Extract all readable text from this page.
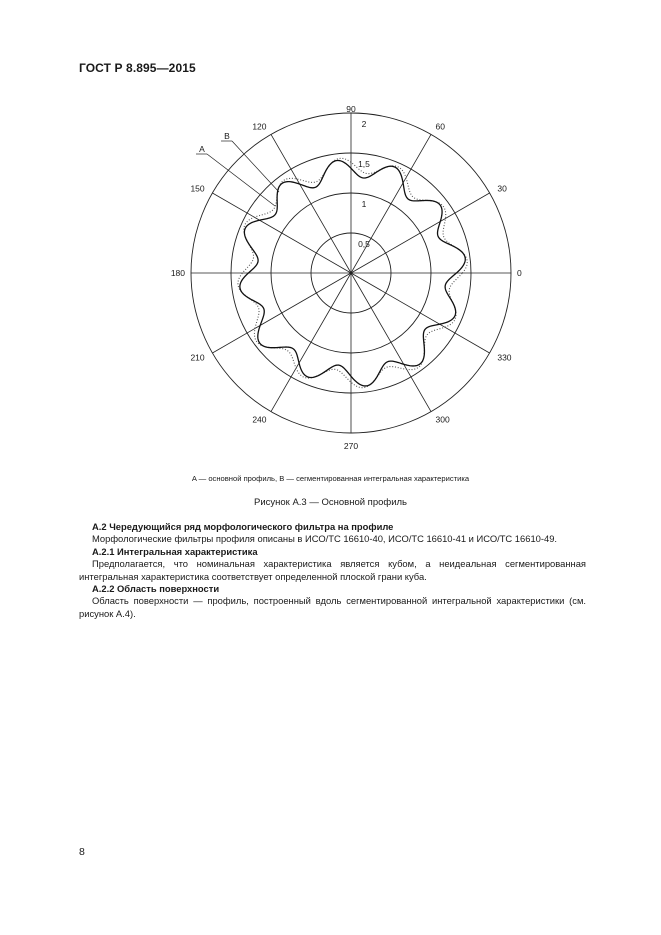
ГОСТ Р 8.895—2015
0
30
60
90
120
150
180
210
240
270
300
330
0,5
1
1,5
2
A
B
A — основной профиль, B — сегментированная интегральная характеристика
Рисунок А.3 — Основной профиль

А.2 Чередующийся ряд морфологического фильтра на профиле

Морфологические фильтры профиля описаны в ИСО/ТС 16610-40, ИСО/ТС 16610-41 и ИСО/ТС 16610-49.

А.2.1 Интегральная характеристика

Предполагается, что номинальная характеристика является кубом, а неидеальная сегментированная интегральная характеристика соответствует определенной плоской грани куба.

А.2.2 Область поверхности

Область поверхности — профиль, построенный вдоль сегментированной интегральной характеристики (см. рисунок А.4).

8
